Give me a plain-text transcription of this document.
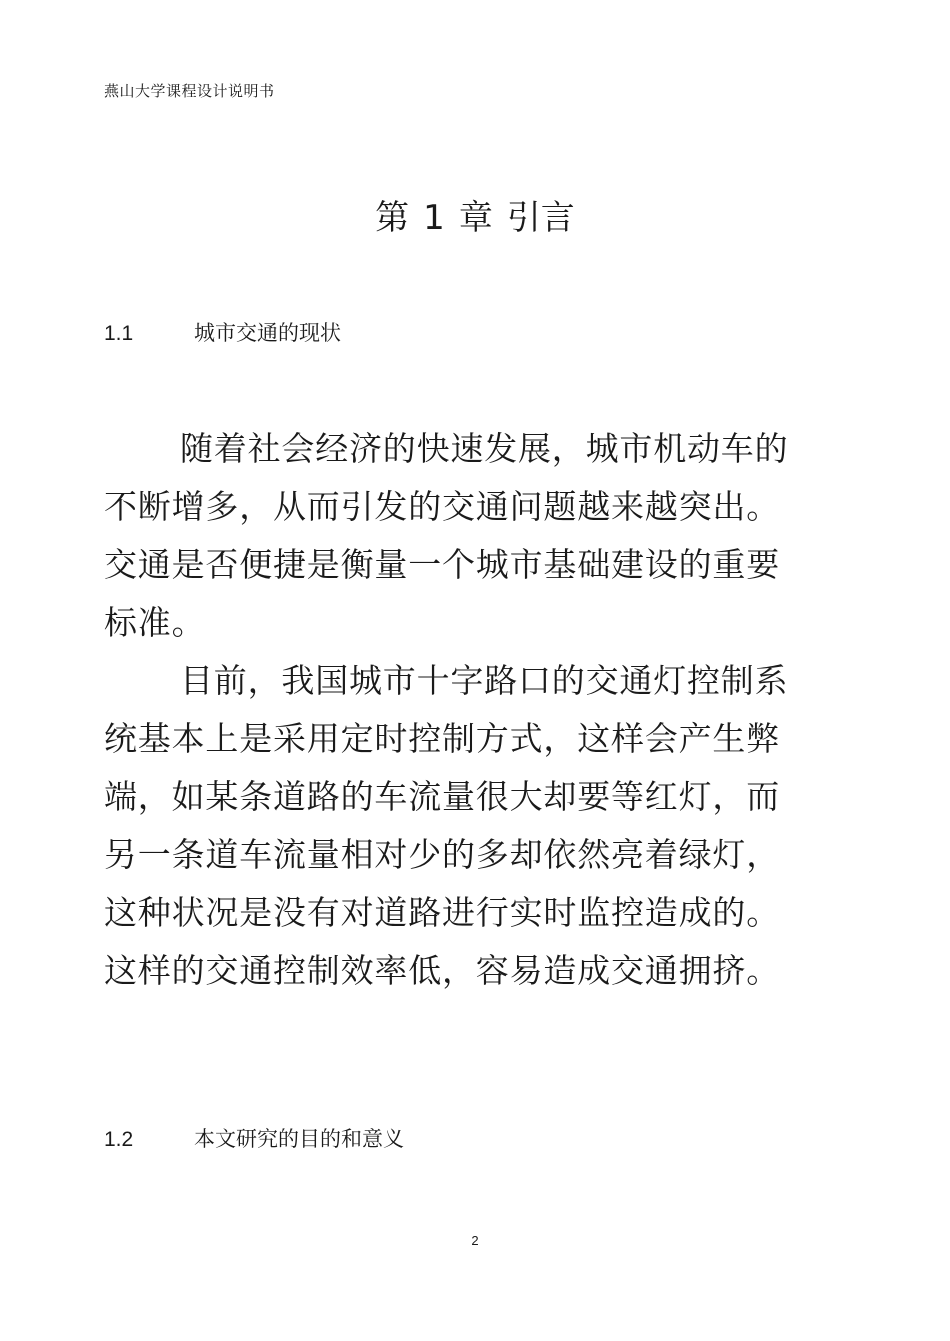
燕山大学课程设计说明书
第 1 章 引言
1.1	城市交通的现状

随着社会经济的快速发展，城市机动车的
不断增多，从而引发的交通问题越来越突出。
交通是否便捷是衡量一个城市基础建设的重要
标准。

目前，我国城市十字路口的交通灯控制系
统基本上是采用定时控制方式，这样会产生弊
端，如某条道路的车流量很大却要等红灯，而
另一条道车流量相对少的多却依然亮着绿灯，
这种状况是没有对道路进行实时监控造成的。
这样的交通控制效率低，容易造成交通拥挤。

1.2	本文研究的目的和意义
2
